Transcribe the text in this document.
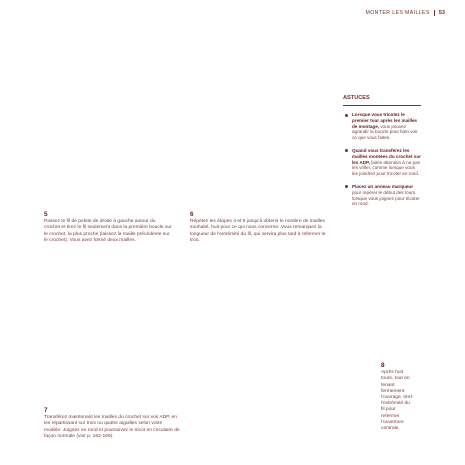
MONTER LES MAILLES 53
ASTUCES
Lorsque vous tricotez le premier tour après les mailles de montage, vous pouvez agrandir la boucle pour bien voir ce que vous faites.
Quand vous transférez les mailles montées du crochet sur les ADP, faites attention à ne pas les vriller, comme lorsque vous les joindrez pour tricoter en rond.
Placez un anneau marqueur pour repérer le début des tours lorsque vous joignez pour tricoter en rond.
5
Passez le fil de pelote de droite à gauche autour du crochet et tirez le fil seulement dans la première boucle sur le crochet, la plus proche (laissez la maille précédente sur le crochet). Vous avez formé deux mailles.
6
Répétez les étapes 4 et 5 jusqu'à obtenir le nombre de mailles souhaité, huit pour ce qui nous concerne. Vous remarquez la longueur de l'extrémité du fil, qui servira plus tard à refermer le trou.
7
Transférez maintenant les mailles du crochet sur vos ADP, en les répartissant sur trois ou quatre aiguilles selon votre modèle. Joignez en rond et poursuivez le tricot en circulaire de façon normale (voir p. 162-169).
8
Après huit tours, tout en tenant fermement l'ouvrage, tirez l'extrémité du fil pour refermer l'ouverture centrale.
